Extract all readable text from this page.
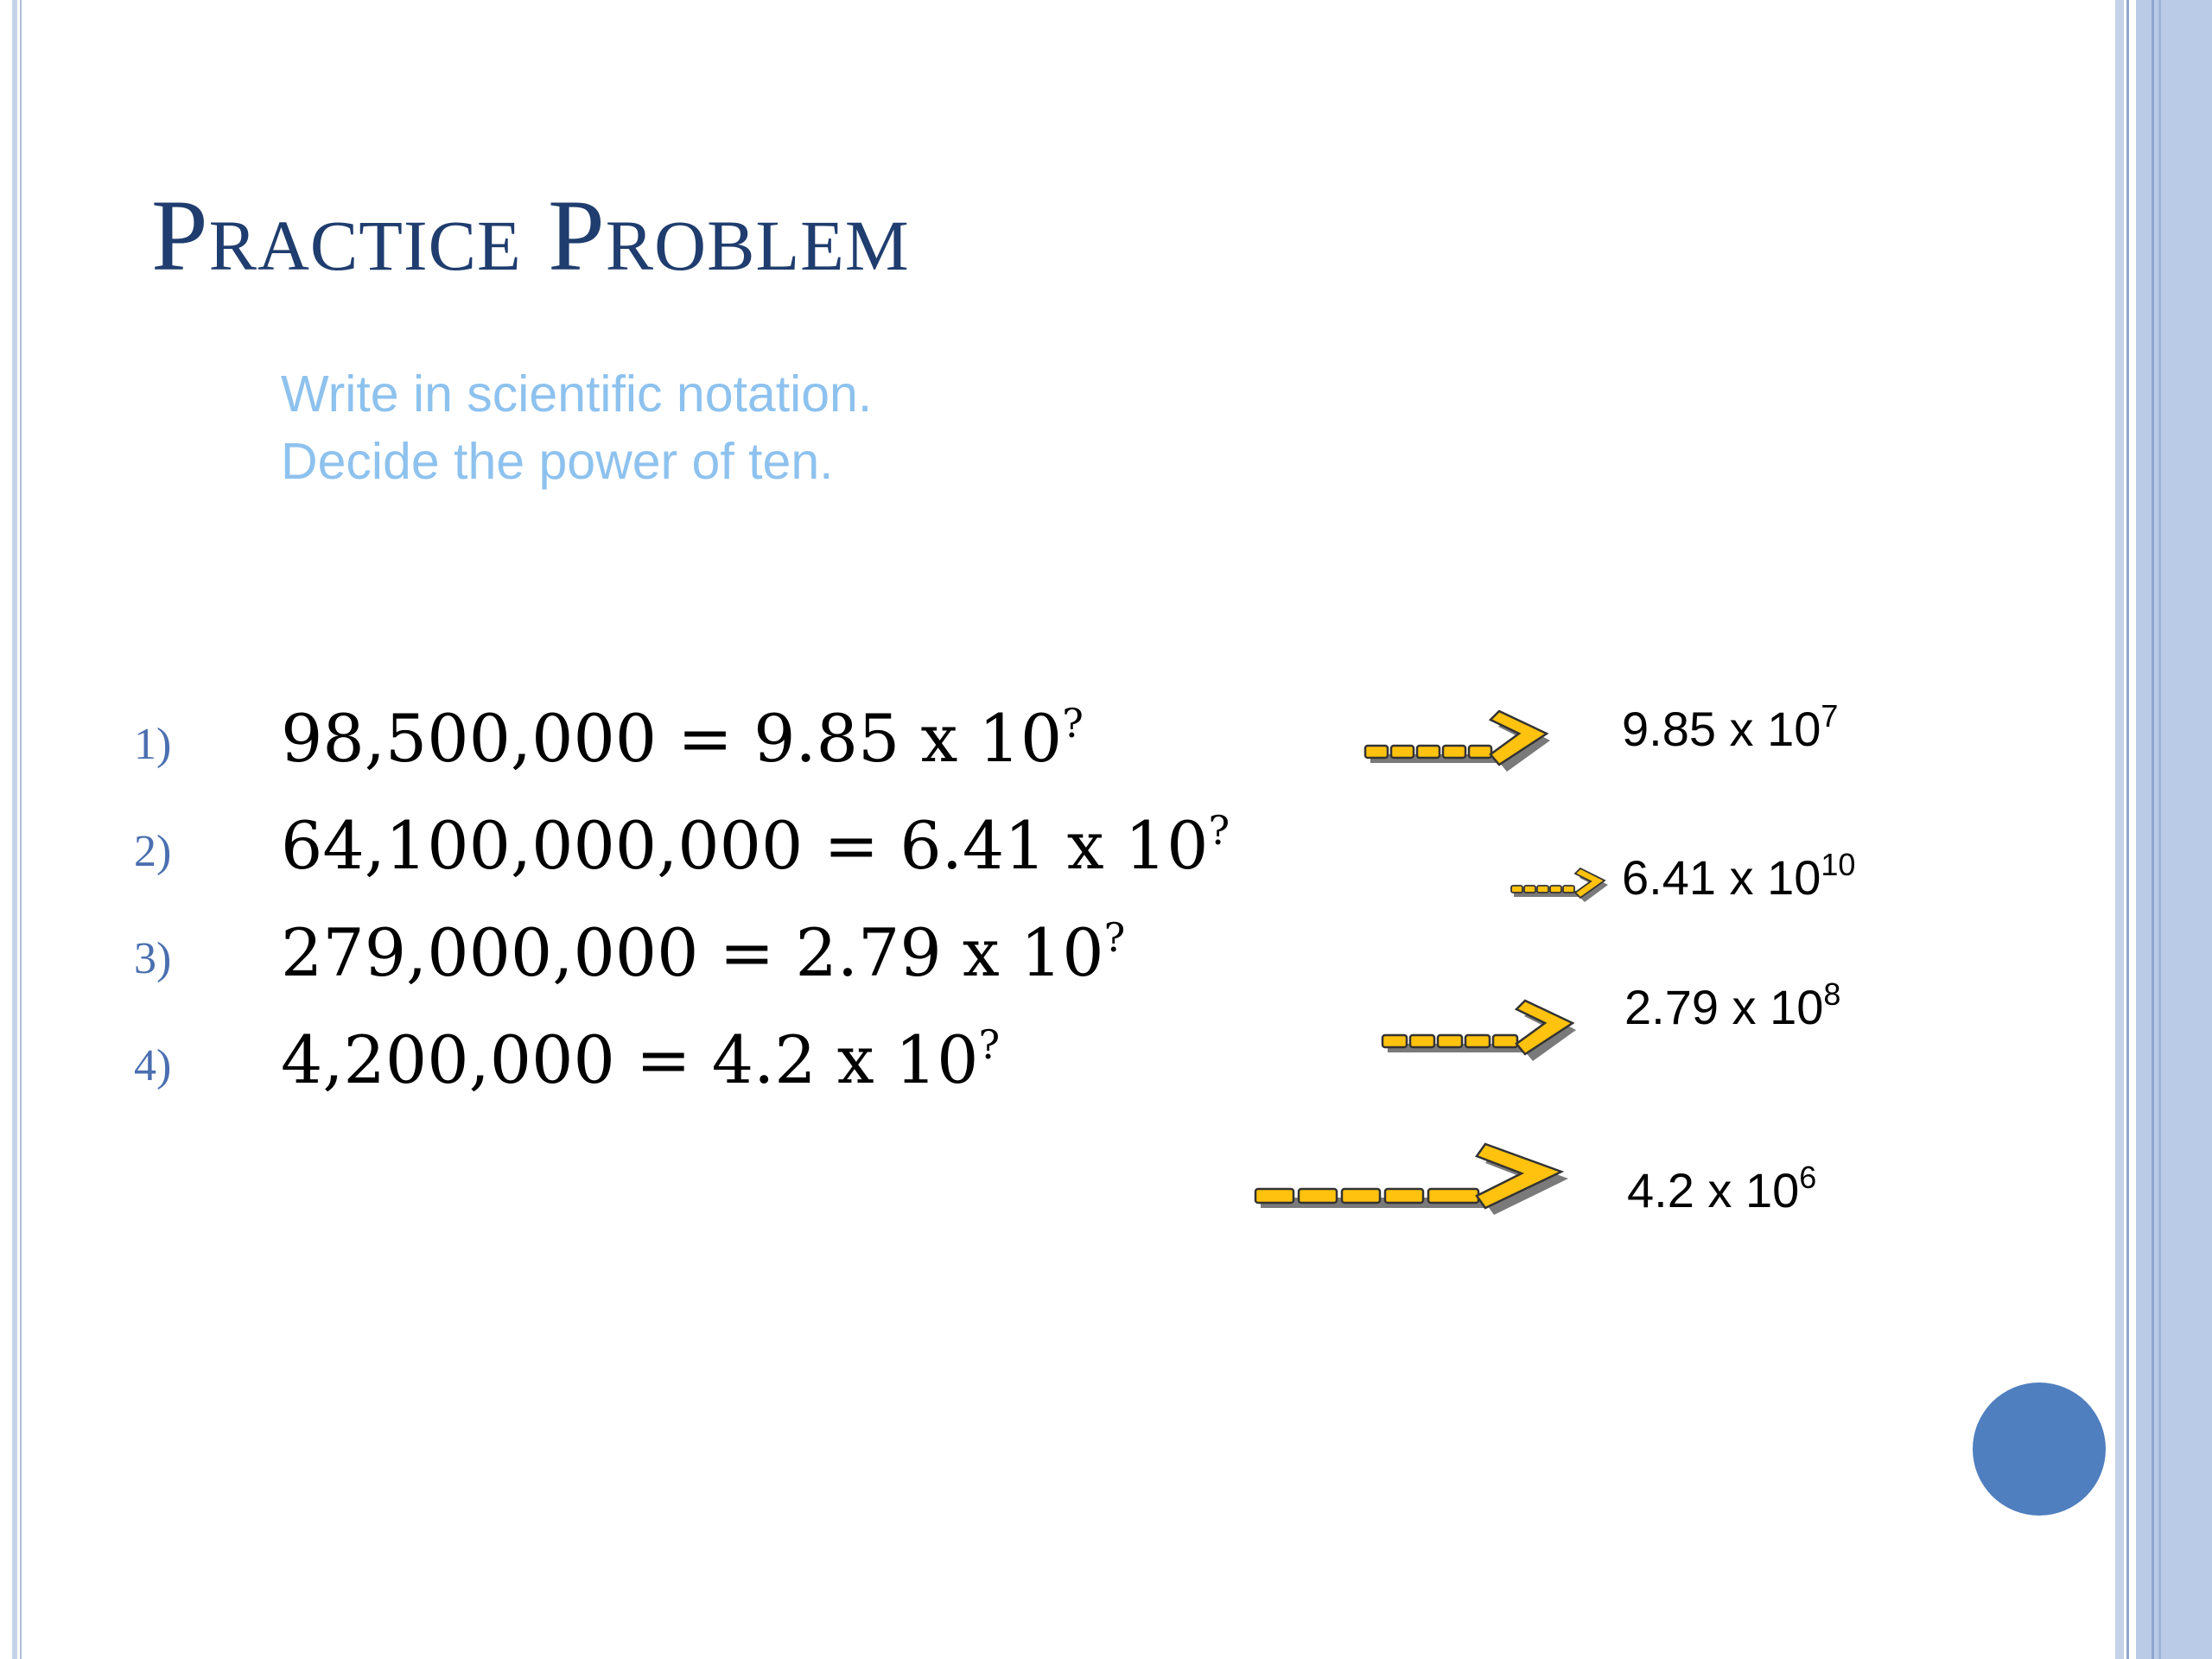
Practice Problem
Write in scientific notation.
Decide the power of ten.
1) 98,500,000 = 9.85 x 10?
2) 64,100,000,000 = 6.41 x 10?
3) 279,000,000 = 2.79 x 10?
4) 4,200,000 = 4.2 x 10?
9.85 x $10^7$
6.41 x $10^{10}$
2.79 x $10^8$
4.2 x $10^6$
